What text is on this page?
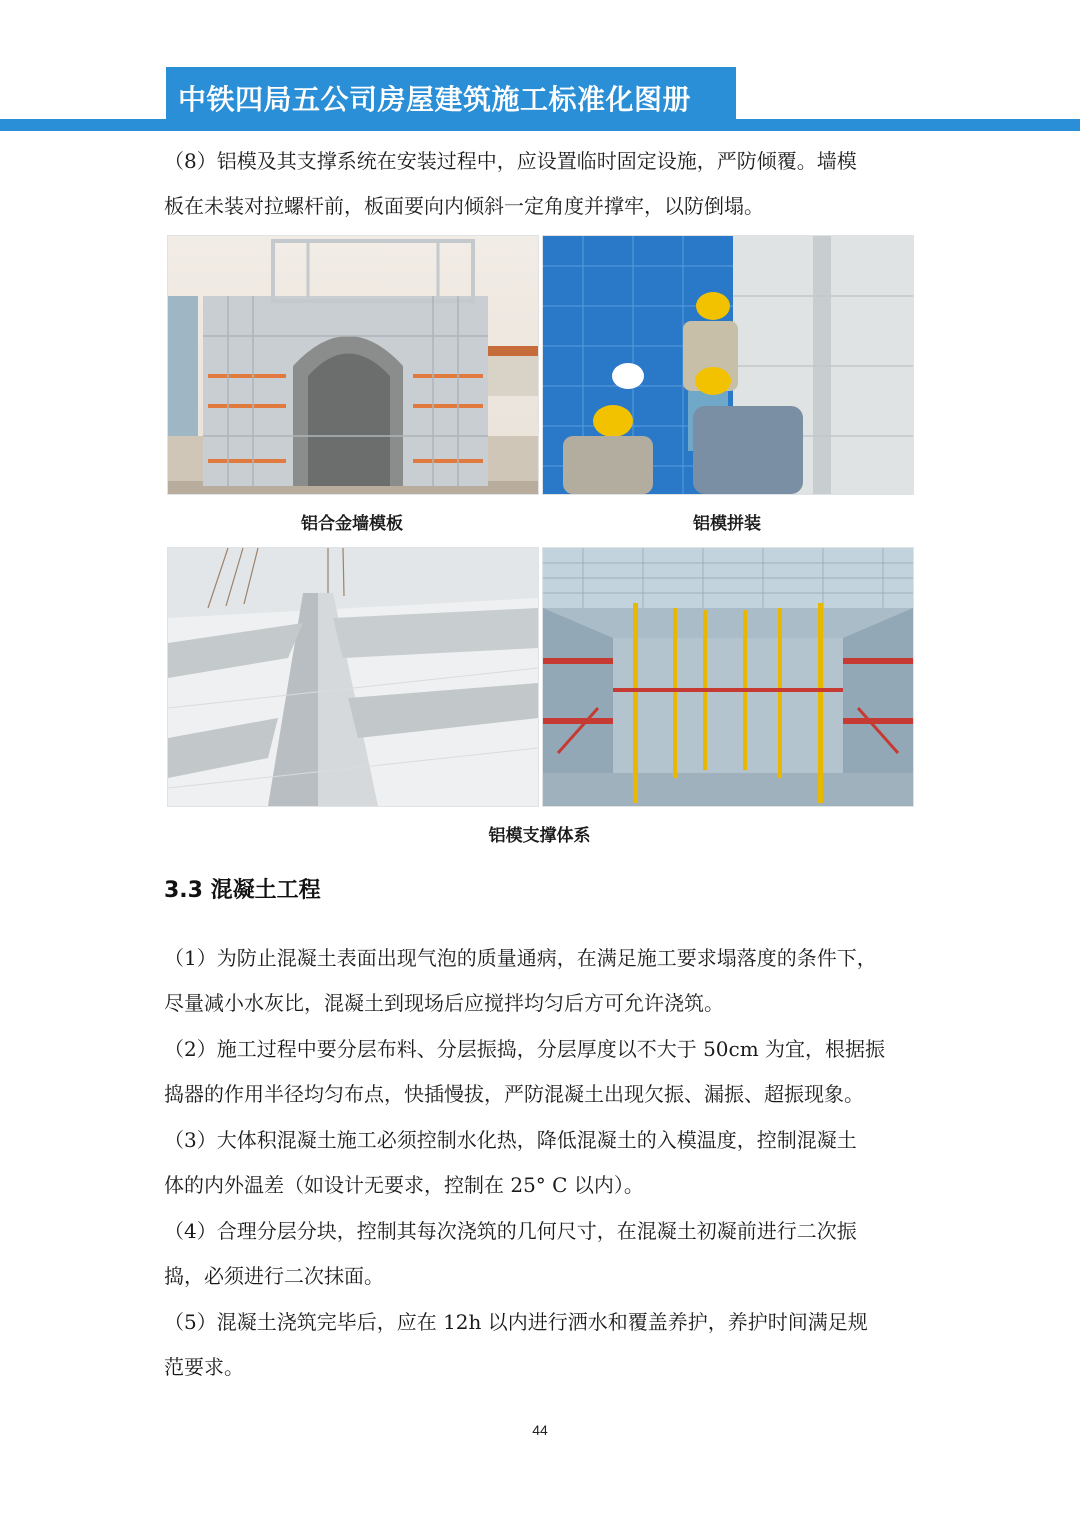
中铁四局五公司房屋建筑施工标准化图册
（8）铝模及其支撑系统在安装过程中，应设置临时固定设施，严防倾覆。墙模
板在未装对拉螺杆前，板面要向内倾斜一定角度并撑牢，以防倒塌。
铝合金墙模板	铝模拼装
铝模支撑体系
3.3 混凝土工程
（1）为防止混凝土表面出现气泡的质量通病，在满足施工要求塌落度的条件下，
尽量减小水灰比，混凝土到现场后应搅拌均匀后方可允许浇筑。
（2）施工过程中要分层布料、分层振捣，分层厚度以不大于 50cm 为宜，根据振
捣器的作用半径均匀布点，快插慢拔，严防混凝土出现欠振、漏振、超振现象。
（3）大体积混凝土施工必须控制水化热，降低混凝土的入模温度，控制混凝土
体的内外温差（如设计无要求，控制在 25° C 以内）。
（4）合理分层分块，控制其每次浇筑的几何尺寸，在混凝土初凝前进行二次振
捣，必须进行二次抹面。
（5）混凝土浇筑完毕后，应在 12h 以内进行洒水和覆盖养护，养护时间满足规
范要求。
44
